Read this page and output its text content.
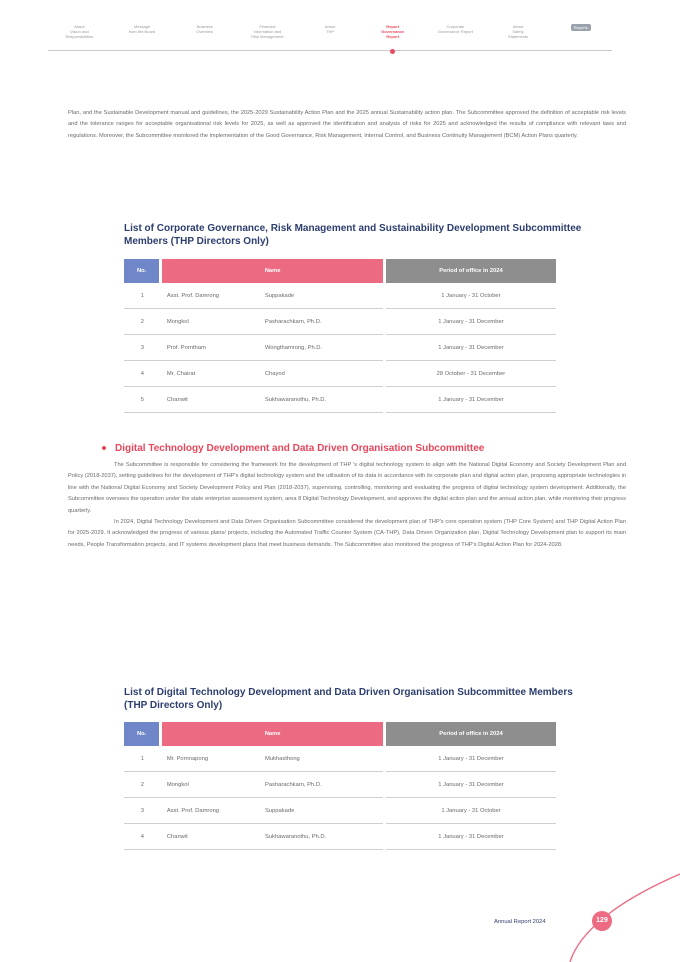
About
Vision and
Responsibilities
Message
from the Board
Business
Overview
Financial
Information and
Risk Management
About
THP
Report
Governance
Report
Corporate
Governance Report
About
Safety
Statements
Reports

Plan, and the Sustainable Development manual and guidelines, the 2025-2029 Sustainability Action Plan and the 2025 annual Sustainability action plan. The Subcommittee approved the definition of acceptable risk levels and the tolerance ranges for acceptable organisational risk levels for 2025, as well as approved the identification and analysis of risks for 2025 and acknowledged the results of compliance with relevant laws and regulations. Moreover, the Subcommittee monitored the implementation of the Good Governance, Risk Management, Internal Control, and Business Continuity Management (BCM) Action Plans quarterly.

List of Corporate Governance, Risk Management and Sustainability Development Subcommittee Members (THP Directors Only)
No.	Name		Period of office in 2024
1	Asst. Prof. Damrong	Suppakade	1 January - 31 October
2	Mongkol	Pasharachkarn, Ph.D.	1 January - 31 December
3	Prof. Porntham	Wongthamrong, Ph.D.	1 January - 31 December
4	Mr. Chairat	Chayod	28 October - 31 December
5	Chanwit	Sukhawaranothu, Ph.D.	1 January - 31 December
Digital Technology Development and Data Driven Organisation Subcommittee

The Subcommittee is responsible for considering the framework for the development of THP 's digital technology system to align with the National Digital Economy and Society Development Plan and Policy (2018-2037), setting guidelines for the development of THP's digital technology system and the utilisation of its data in accordance with its corporate plan and digital action plan, proposing appropriate technologies in line with the National Digital Economy and Society Development Policy and Plan (2018-2037), supervising, controlling, monitoring and evaluating the progress of digital technology system development. Additionally, the Subcommittee oversees the operation under the state enterprise assessment system, area 8 Digital Technology Development, and approves the digital action plan and the annual action plan, while monitoring their progress quarterly.

In 2024, Digital Technology Development and Data Driven Organisation Subcommittee considered the development plan of THP's core operation system (THP Core System) and THP Digital Action Plan for 2025-2029. It acknowledged the progress of various plans/ projects, including the Automated Traffic Counter System (CA-THP), Data Driven Organization plan, Digital Technology Development plan to support its main needs, People Transformation projects, and IT systems development plans that meet business demands. The Subcommittee also monitored the progress of THP's Digital Action Plan for 2024-2028.

List of Digital Technology Development and Data Driven Organisation Subcommittee Members (THP Directors Only)
No.	Name		Period of office in 2024
1	Mr. Pornnapong	Mukhasthong	1 January - 31 December
2	Mongkol	Pasharachkarn, Ph.D.	1 January - 31 December
3	Asst. Prof. Damrong	Suppakade	1 January - 31 October
4	Chanwit	Sukhawaranothu, Ph.D.	1 January - 31 December
Annual Report 2024	129
